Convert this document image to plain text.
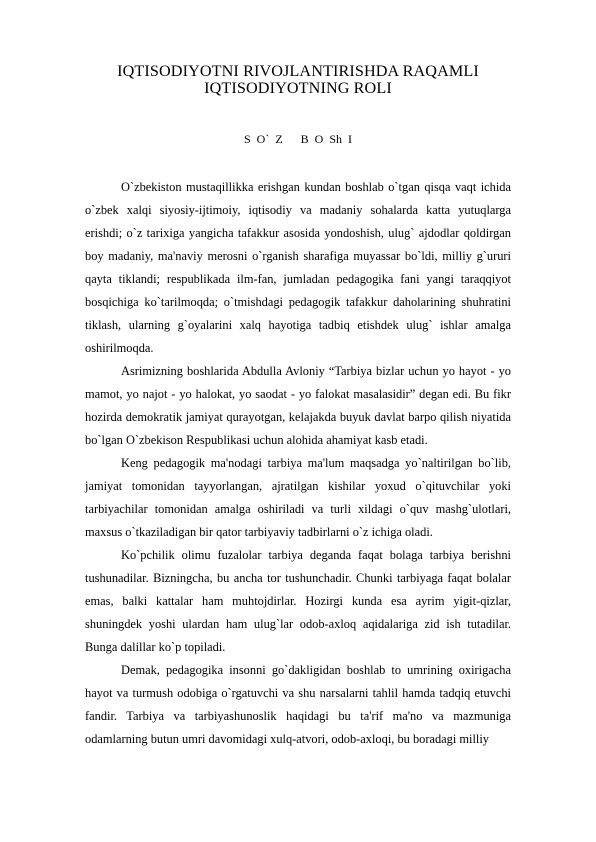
IQTISODIYOTNI RIVOJLANTIRISHDA RAQAMLI
IQTISODIYOTNING ROLI
S O` Z   B O Sh I

O`zbekiston mustaqillikka erishgan kundan boshlab o`tgan qisqa vaqt ichida o`zbek xalqi siyosiy-ijtimoiy, iqtisodiy va madaniy sohalarda katta yutuqlarga erishdi; o`z tarixiga yangicha tafakkur asosida yondoshish, ulug` ajdodlar qoldirgan boy madaniy, ma'naviy merosni o`rganish sharafiga muyassar bo`ldi, milliy g`ururi qayta tiklandi; respublikada ilm-fan, jumladan pedagogika fani yangi taraqqiyot bosqichiga ko`tarilmoqda; o`tmishdagi pedagogik tafakkur daholarining shuhratini tiklash, ularning g`oyalarini xalq hayotiga tadbiq etishdek ulug` ishlar amalga oshirilmoqda.

Asrimizning boshlarida Abdulla Avloniy “Tarbiya bizlar uchun yo hayot - yo mamot, yo najot - yo halokat, yo saodat - yo falokat masalasidir” degan edi. Bu fikr hozirda demokratik jamiyat qurayotgan, kelajakda buyuk davlat barpo qilish niyatida bo`lgan O`zbekison Respublikasi uchun alohida ahamiyat kasb etadi.

Keng pedagogik ma'nodagi tarbiya ma'lum maqsadga yo`naltirilgan bo`lib, jamiyat tomonidan tayyorlangan, ajratilgan kishilar yoxud o`qituvchilar yoki tarbiyachilar tomonidan amalga oshiriladi va turli xildagi o`quv mashg`ulotlari, maxsus o`tkaziladigan bir qator tarbiyaviy tadbirlarni o`z ichiga oladi.

Ko`pchilik olimu fuzalolar tarbiya deganda faqat bolaga tarbiya berishni tushunadilar. Bizningcha, bu ancha tor tushunchadir. Chunki tarbiyaga faqat bolalar emas, balki kattalar ham muhtojdirlar. Hozirgi kunda esa ayrim yigit-qizlar, shuningdek yoshi ulardan ham ulug`lar odob-axloq aqidalariga zid ish tutadilar. Bunga dalillar ko`p topiladi.

Demak, pedagogika insonni go`dakligidan boshlab to umrining oxirigacha hayot va turmush odobiga o`rgatuvchi va shu narsalarni tahlil hamda tadqiq etuvchi fandir. Tarbiya va tarbiyashunoslik haqidagi bu ta'rif ma'no va mazmuniga odamlarning butun umri davomidagi xulq-atvori, odob-axloqi, bu boradagi milliy
